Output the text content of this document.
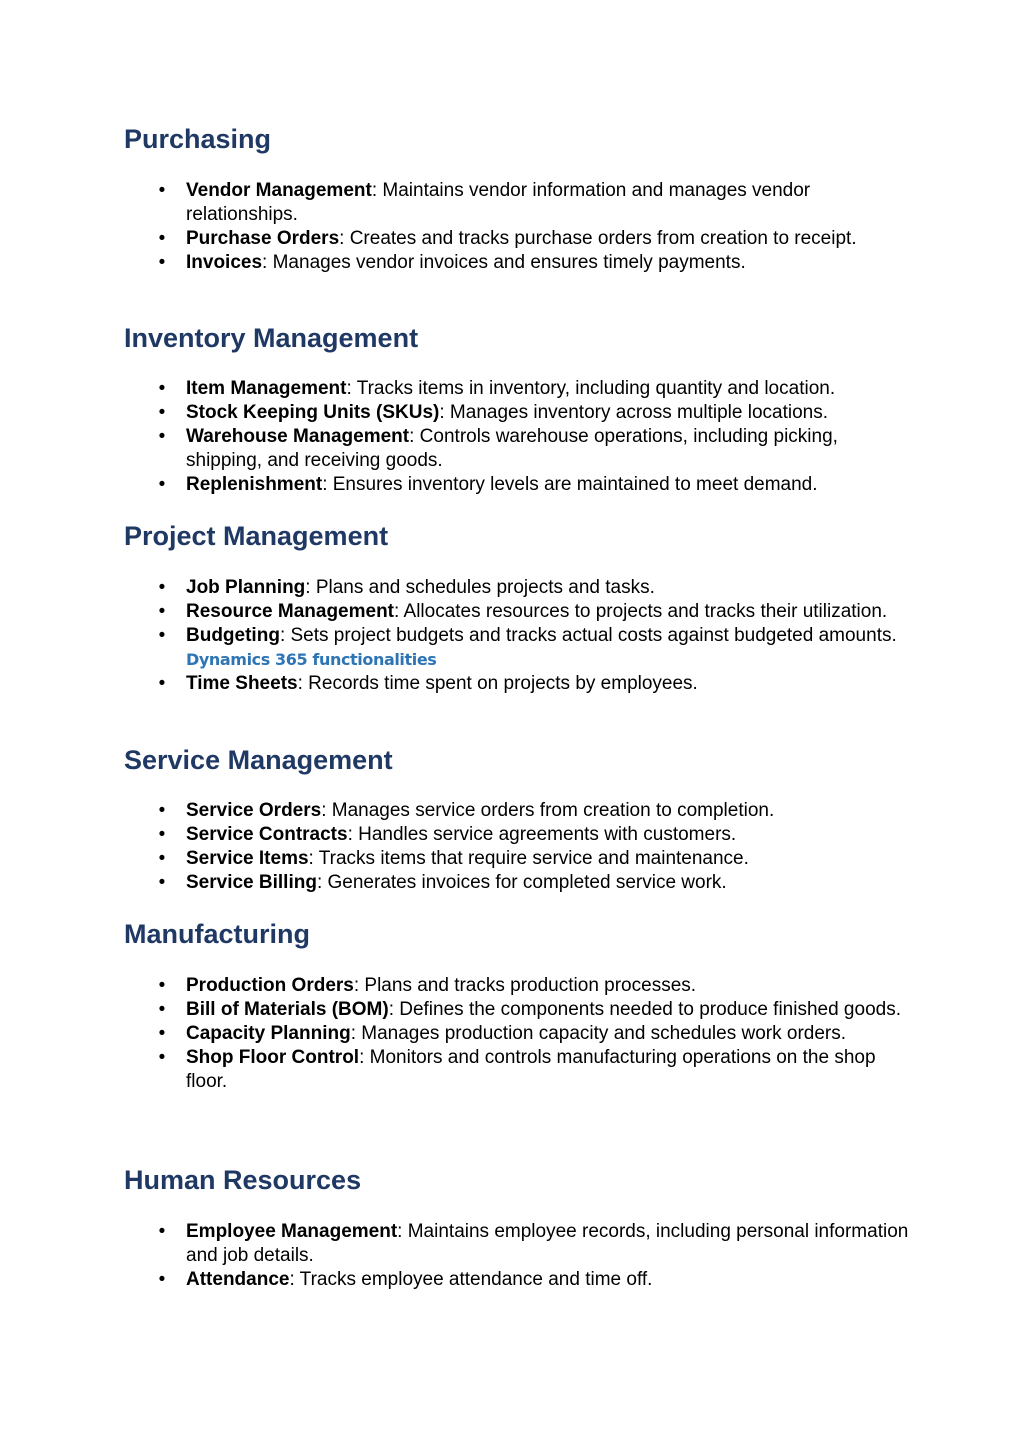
Purchasing
• Vendor Management: Maintains vendor information and manages vendor relationships.
• Purchase Orders: Creates and tracks purchase orders from creation to receipt.
• Invoices: Manages vendor invoices and ensures timely payments.
Inventory Management
• Item Management: Tracks items in inventory, including quantity and location.
• Stock Keeping Units (SKUs): Manages inventory across multiple locations.
• Warehouse Management: Controls warehouse operations, including picking, shipping, and receiving goods.
• Replenishment: Ensures inventory levels are maintained to meet demand.
Project Management
• Job Planning: Plans and schedules projects and tasks.
• Resource Management: Allocates resources to projects and tracks their utilization.
• Budgeting: Sets project budgets and tracks actual costs against budgeted amounts. Dynamics 365 functionalities
• Time Sheets: Records time spent on projects by employees.
Service Management
• Service Orders: Manages service orders from creation to completion.
• Service Contracts: Handles service agreements with customers.
• Service Items: Tracks items that require service and maintenance.
• Service Billing: Generates invoices for completed service work.
Manufacturing
• Production Orders: Plans and tracks production processes.
• Bill of Materials (BOM): Defines the components needed to produce finished goods.
• Capacity Planning: Manages production capacity and schedules work orders.
• Shop Floor Control: Monitors and controls manufacturing operations on the shop floor.
Human Resources
• Employee Management: Maintains employee records, including personal information and job details.
• Attendance: Tracks employee attendance and time off.
